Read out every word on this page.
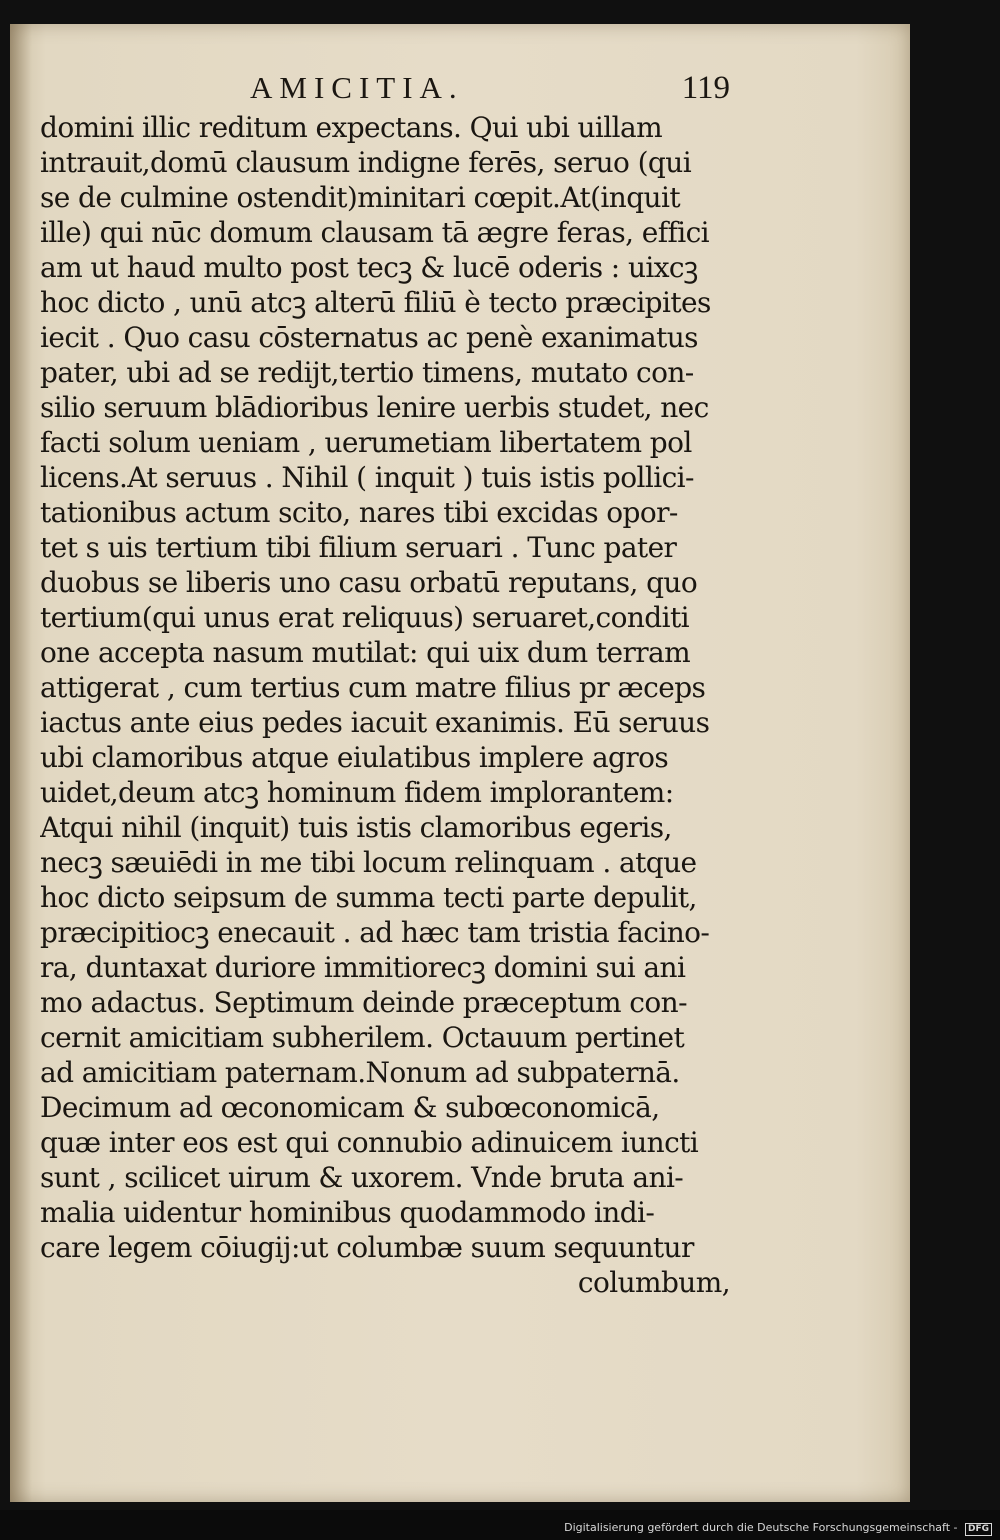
AMICITIA.	119
domini illic reditum expectans. Qui ubi uillam
intrauit,domū clausum indigne ferēs, seruo (qui
se de culmine ostendit)minitari cœpit.At(inquit
ille) qui nūc domum clausam tā ægre feras, effici
am ut haud multo post tecꝫ & lucē oderis : uixcꝫ
hoc dicto , unū atcꝫ alterū filiū è tecto præcipites
iecit . Quo casu cōsternatus ac penè exanimatus
pater, ubi ad se rediјt,tertio timens, mutato con-
silio seruum blādioribus lenire uerbis studet, nec
facti solum ueniam , uerumetiam libertatem pol
licens.At seruus . Nihil ( inquit ) tuis istis pollici-
tationibus actum scito, nares tibi excidas opor-
tet s uis tertium tibi filium seruari . Tunc pater
duobus se liberis uno casu orbatū reputans, quo
tertium(qui unus erat reliquus) seruaret,conditi
one accepta nasum mutilat: qui uix dum terram
attigerat , cum tertius cum matre filius pr æceps
iactus ante eius pedes iacuit exanimis. Eū seruus
ubi clamoribus atque eiulatibus implere agros
uidet,deum atcꝫ hominum fidem implorantem:
Atqui nihil (inquit) tuis istis clamoribus egeris,
necꝫ sæuiēdi in me tibi locum relinquam . atque
hoc dicto seipsum de summa tecti parte depulit,
præcipitiocꝫ enecauit . ad hæc tam tristia facino-
ra, duntaxat duriore immitiorecꝫ domini sui ani
mo adactus. Septimum deinde præceptum con-
cernit amicitiam subherilem. Octauum pertinet
ad amicitiam paternam.Nonum ad subpaternā.
Decimum ad œconomicam & subœconomicā,
quæ inter eos est qui connubio adinuicem iuncti
sunt , scilicet uirum & uxorem. Vnde bruta ani-
malia uidentur hominibus quodammodo indi-
care legem cōiugij:ut columbæ suum sequuntur
columbum,
Digitalisierung gefördert durch die Deutsche Forschungsgemeinschaft - DFG
